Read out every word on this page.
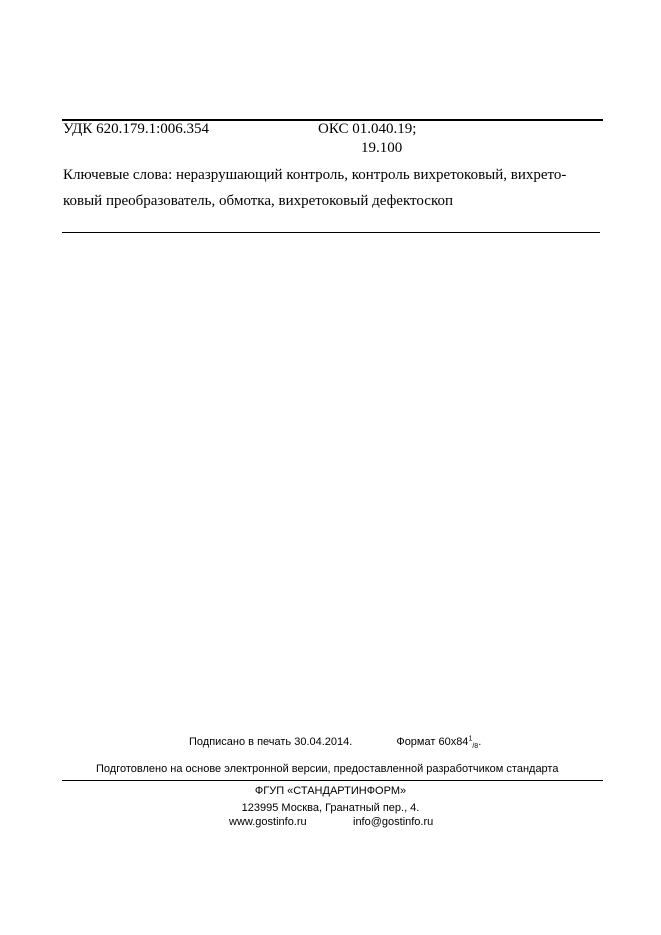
УДК 620.179.1:006.354	ОКС 01.040.19;
19.100
Ключевые слова: неразрушающий контроль, контроль вихретоковый, вихрето-
ковый преобразователь, обмотка, вихретоковый дефектоскоп
Подписано в печать 30.04.2014.	Формат $60x84^1_{/8}$.
Подготовлено на основе электронной версии, предоставленной разработчиком стандарта
ФГУП «СТАНДАРТИНФОРМ»
123995 Москва, Гранатный пер., 4.
www.gostinfo.ru	info@gostinfo.ru
